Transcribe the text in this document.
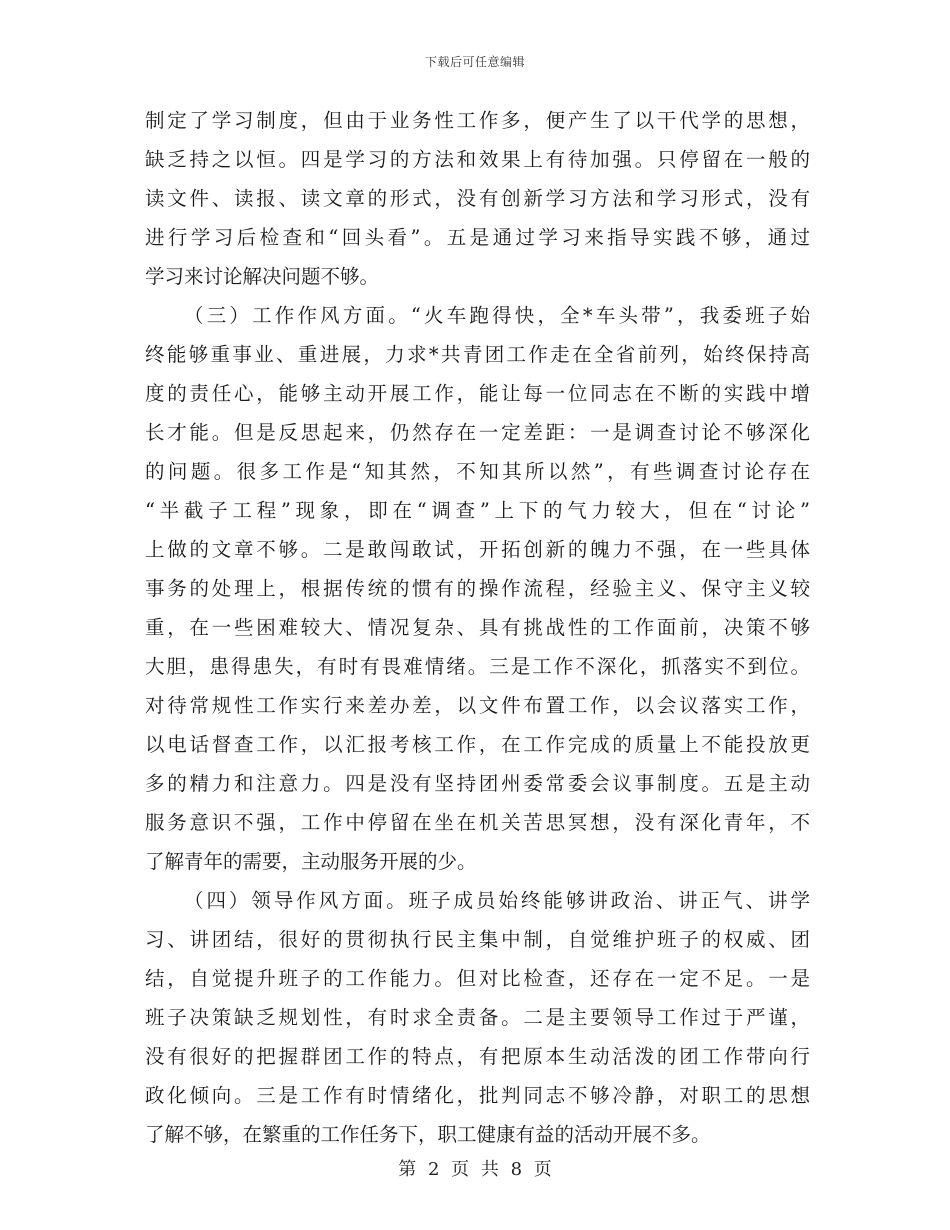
下载后可任意编辑
制定了学习制度，但由于业务性工作多，便产生了以干代学的思想，
缺乏持之以恒。四是学习的方法和效果上有待加强。只停留在一般的
读文件、读报、读文章的形式，没有创新学习方法和学习形式，没有
进行学习后检查和“回头看”。五是通过学习来指导实践不够，通过
学习来讨论解决问题不够。
（三）工作作风方面。“火车跑得快，全*车头带”，我委班子始
终能够重事业、重进展，力求*共青团工作走在全省前列，始终保持高
度的责任心，能够主动开展工作，能让每一位同志在不断的实践中增
长才能。但是反思起来，仍然存在一定差距：一是调查讨论不够深化
的问题。很多工作是“知其然，不知其所以然”，有些调查讨论存在
“半截子工程”现象，即在“调查”上下的气力较大，但在“讨论”
上做的文章不够。二是敢闯敢试，开拓创新的魄力不强，在一些具体
事务的处理上，根据传统的惯有的操作流程，经验主义、保守主义较
重，在一些困难较大、情况复杂、具有挑战性的工作面前，决策不够
大胆，患得患失，有时有畏难情绪。三是工作不深化，抓落实不到位。
对待常规性工作实行来差办差，以文件布置工作，以会议落实工作，
以电话督查工作，以汇报考核工作，在工作完成的质量上不能投放更
多的精力和注意力。四是没有坚持团州委常委会议事制度。五是主动
服务意识不强，工作中停留在坐在机关苦思冥想，没有深化青年，不
了解青年的需要，主动服务开展的少。
（四）领导作风方面。班子成员始终能够讲政治、讲正气、讲学
习、讲团结，很好的贯彻执行民主集中制，自觉维护班子的权威、团
结，自觉提升班子的工作能力。但对比检查，还存在一定不足。一是
班子决策缺乏规划性，有时求全责备。二是主要领导工作过于严谨，
没有很好的把握群团工作的特点，有把原本生动活泼的团工作带向行
政化倾向。三是工作有时情绪化，批判同志不够冷静，对职工的思想
了解不够，在繁重的工作任务下，职工健康有益的活动开展不多。
第 2 页 共 8 页
